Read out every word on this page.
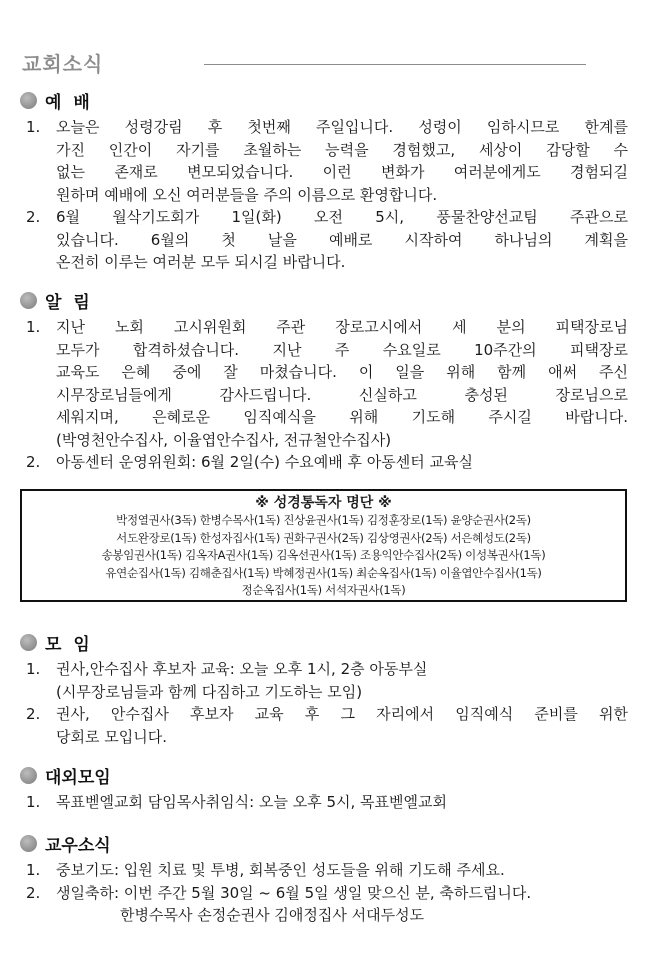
교회소식
예 배
1.	오늘은 성령강림 후 첫번째 주일입니다. 성령이 임하시므로 한계를
가진 인간이 자기를 초월하는 능력을 경험했고, 세상이 감당할 수
없는 존재로 변모되었습니다. 이런 변화가 여러분에게도 경험되길
원하며 예배에 오신 여러분들을 주의 이름으로 환영합니다.
2.	6월 월삭기도회가 1일(화) 오전 5시, 풍물찬양선교팀 주관으로
있습니다. 6월의 첫 날을 예배로 시작하여 하나님의 계획을
온전히 이루는 여러분 모두 되시길 바랍니다.
알 림
1.	지난 노회 고시위원회 주관 장로고시에서 세 분의 피택장로님
모두가 합격하셨습니다. 지난 주 수요일로 10주간의 피택장로
교육도 은혜 중에 잘 마쳤습니다. 이 일을 위해 함께 애써 주신
시무장로님들에게 감사드립니다. 신실하고 충성된 장로님으로
세워지며, 은혜로운 임직예식을 위해 기도해 주시길 바랍니다.
(박영천안수집사, 이율엽안수집사, 전규철안수집사)
2.	아동센터 운영위원회: 6월 2일(수) 수요예배 후 아동센터 교육실
※ 성경통독자 명단 ※
박정열권사(3독) 한병수목사(1독) 진상윤권사(1독) 김정훈장로(1독) 윤양순권사(2독)
서도완장로(1독) 한성자집사(1독) 권화구권사(2독) 김상영권사(2독) 서은혜성도(2독)
송봉임권사(1독) 김옥자A권사(1독) 김옥선권사(1독) 조용익안수집사(2독) 이성복권사(1독)
유연순집사(1독) 김해춘집사(1독) 박혜정권사(1독) 최순옥집사(1독) 이율엽안수집사(1독)
정순옥집사(1독) 서석자권사(1독)
모 임
1.	권사,안수집사 후보자 교육: 오늘 오후 1시, 2층 아동부실
(시무장로님들과 함께 다짐하고 기도하는 모임)
2.	권사, 안수집사 후보자 교육 후 그 자리에서 임직예식 준비를 위한
당회로 모입니다.
대외모임
1.	목표벧엘교회 담임목사취임식: 오늘 오후 5시, 목표벧엘교회
교우소식
1.	중보기도: 입원 치료 및 투병, 회복중인 성도들을 위해 기도해 주세요.
2.	생일축하: 이번 주간 5월 30일 ~ 6월 5일 생일 맞으신 분, 축하드립니다.
한병수목사 손정순권사 김애정집사 서대두성도
